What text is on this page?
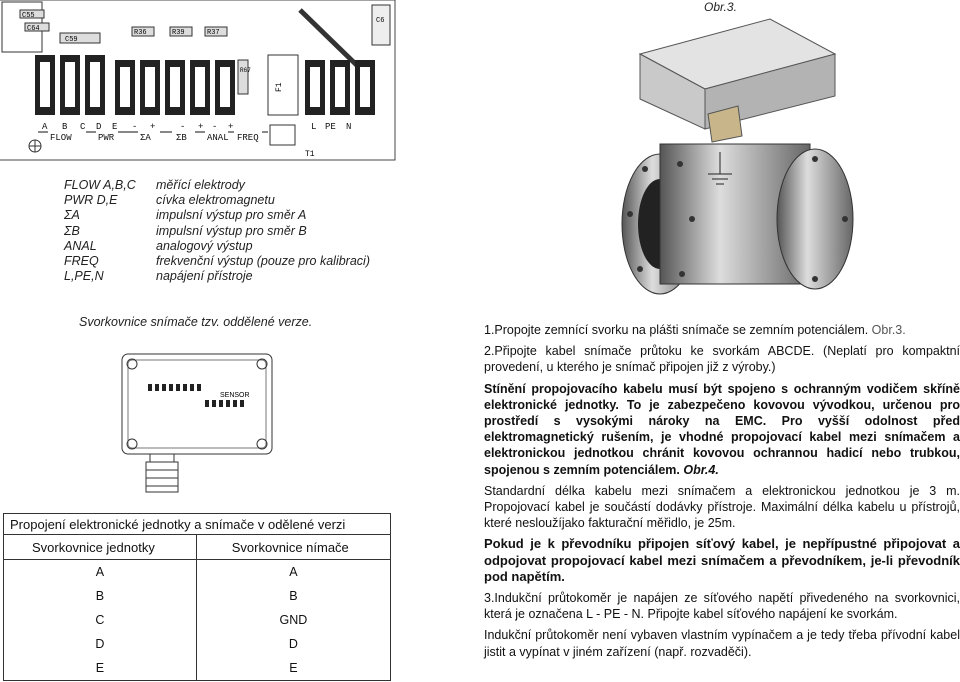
Obr.3.
C55
C64
C59
R36	R39	R37
R67
C6
F1
T1
A B C D E - +	- + - +	L PE N
FLOW	PWR	ΣA	ΣB ANAL FREQ
FLOW A,B,C	měřící elektrody
PWR D,E	cívka elektromagnetu
ΣA	impulsní výstup pro směr A
ΣB	impulsní výstup pro směr B
ANAL	analogový výstup
FREQ	frekvenční výstup (pouze pro kalibraci)
L,PE,N	napájení přístroje
Svorkovnice snímače tzv. oddělené verze.
SENSOR
Propojení elektronické jednotky a snímače v odělené verzi	
Svorkovnice jednotky	Svorkovnice nímače
A	A
B	B
C	GND
D	D
E	E

1.Propojte zemnící svorku na plášti snímače se zemním potenciálem. Obr.3.

2.Připojte kabel snímače průtoku ke svorkám ABCDE. (Neplatí pro kompaktní provedení, u kterého je snímač připojen již z výroby.)

Stínění propojovacího kabelu musí být spojeno s ochranným vodičem skříně elektronické jednotky. To je zabezpečeno kovovou vývodkou, určenou pro prostředí s vysokými nároky na EMC. Pro vyšší odolnost před elektromagnetický rušením, je vhodné propojovací kabel mezi snímačem a elektronickou jednotkou chránit kovovou ochrannou hadicí nebo trubkou, spojenou s zemním potenciálem. Obr.4.

Standardní délka kabelu mezi snímačem a elektronickou jednotkou je 3 m. Propojovací kabel je součástí dodávky přístroje. Maximální délka kabelu u přístrojů, které nesloužíjako fakturační měřidlo, je 25m.

Pokud je k převodníku připojen síťový kabel, je nepřípustné připojovat a odpojovat propojovací kabel mezi snímačem a převodníkem, je-li převodník pod napětím.

3.Indukční průtokoměr je napájen ze síťového napětí přivedeného na svorkovnici, která je označena L - PE - N. Připojte kabel síťového napájení ke svorkám.

Indukční průtokoměr není vybaven vlastním vypínačem a je tedy třeba přívodní kabel jistit a vypínat v jiném zařízení (např. rozvaděči).
